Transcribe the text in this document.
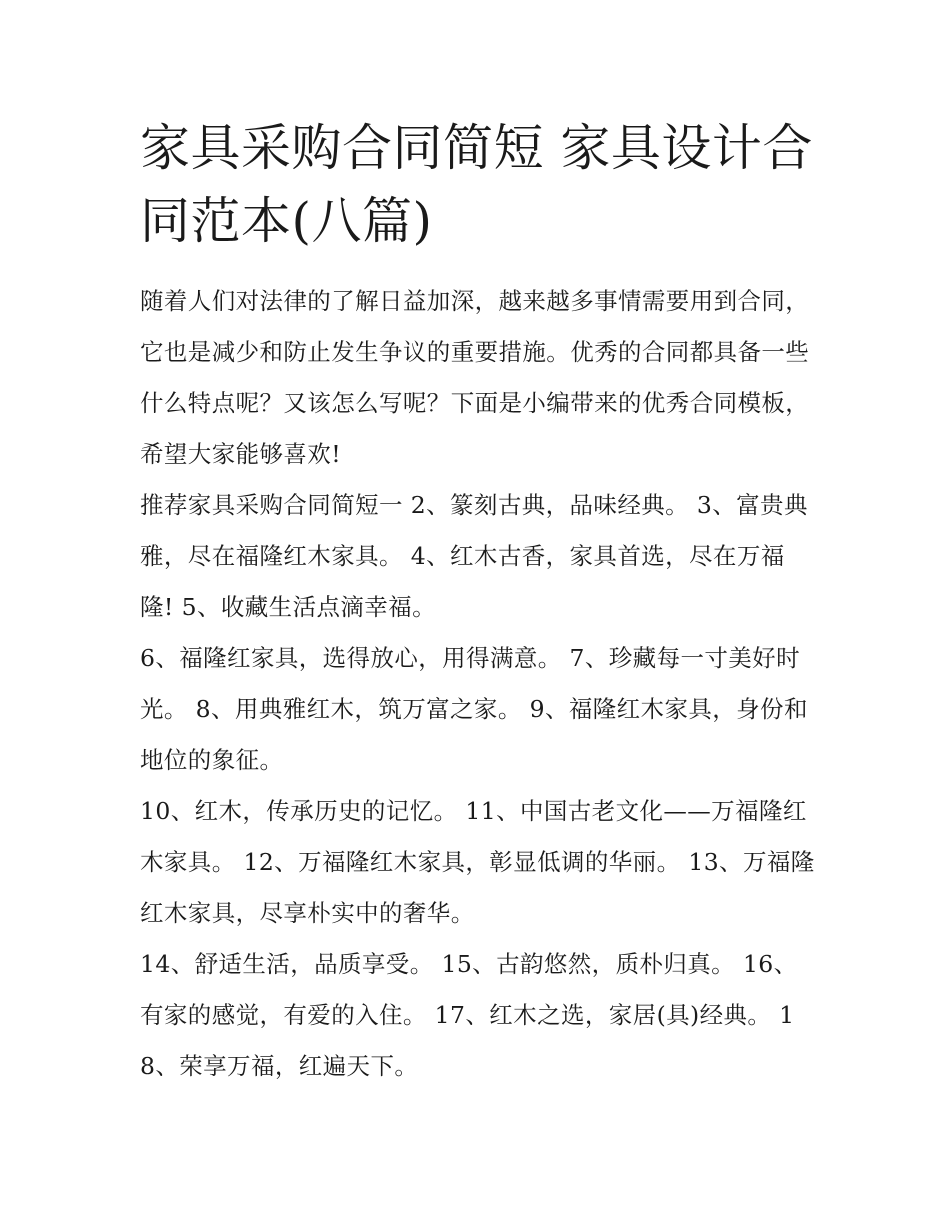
家具采购合同简短 家具设计合同范本(八篇)

随着人们对法律的了解日益加深，越来越多事情需要用到合同，它也是减少和防止发生争议的重要措施。优秀的合同都具备一些什么特点呢？又该怎么写呢？下面是小编带来的优秀合同模板，希望大家能够喜欢!

推荐家具采购合同简短一 2、篆刻古典，品味经典。 3、富贵典雅，尽在福隆红木家具。 4、红木古香，家具首选，尽在万福隆! 5、收藏生活点滴幸福。

6、福隆红家具，选得放心，用得满意。 7、珍藏每一寸美好时光。 8、用典雅红木，筑万富之家。 9、福隆红木家具，身份和地位的象征。

10、红木，传承历史的记忆。 11、中国古老文化——万福隆红木家具。 12、万福隆红木家具，彰显低调的华丽。 13、万福隆红木家具，尽享朴实中的奢华。

14、舒适生活，品质享受。 15、古韵悠然，质朴归真。 16、有家的感觉，有爱的入住。 17、红木之选，家居(具)经典。 18、荣享万福，红遍天下。
